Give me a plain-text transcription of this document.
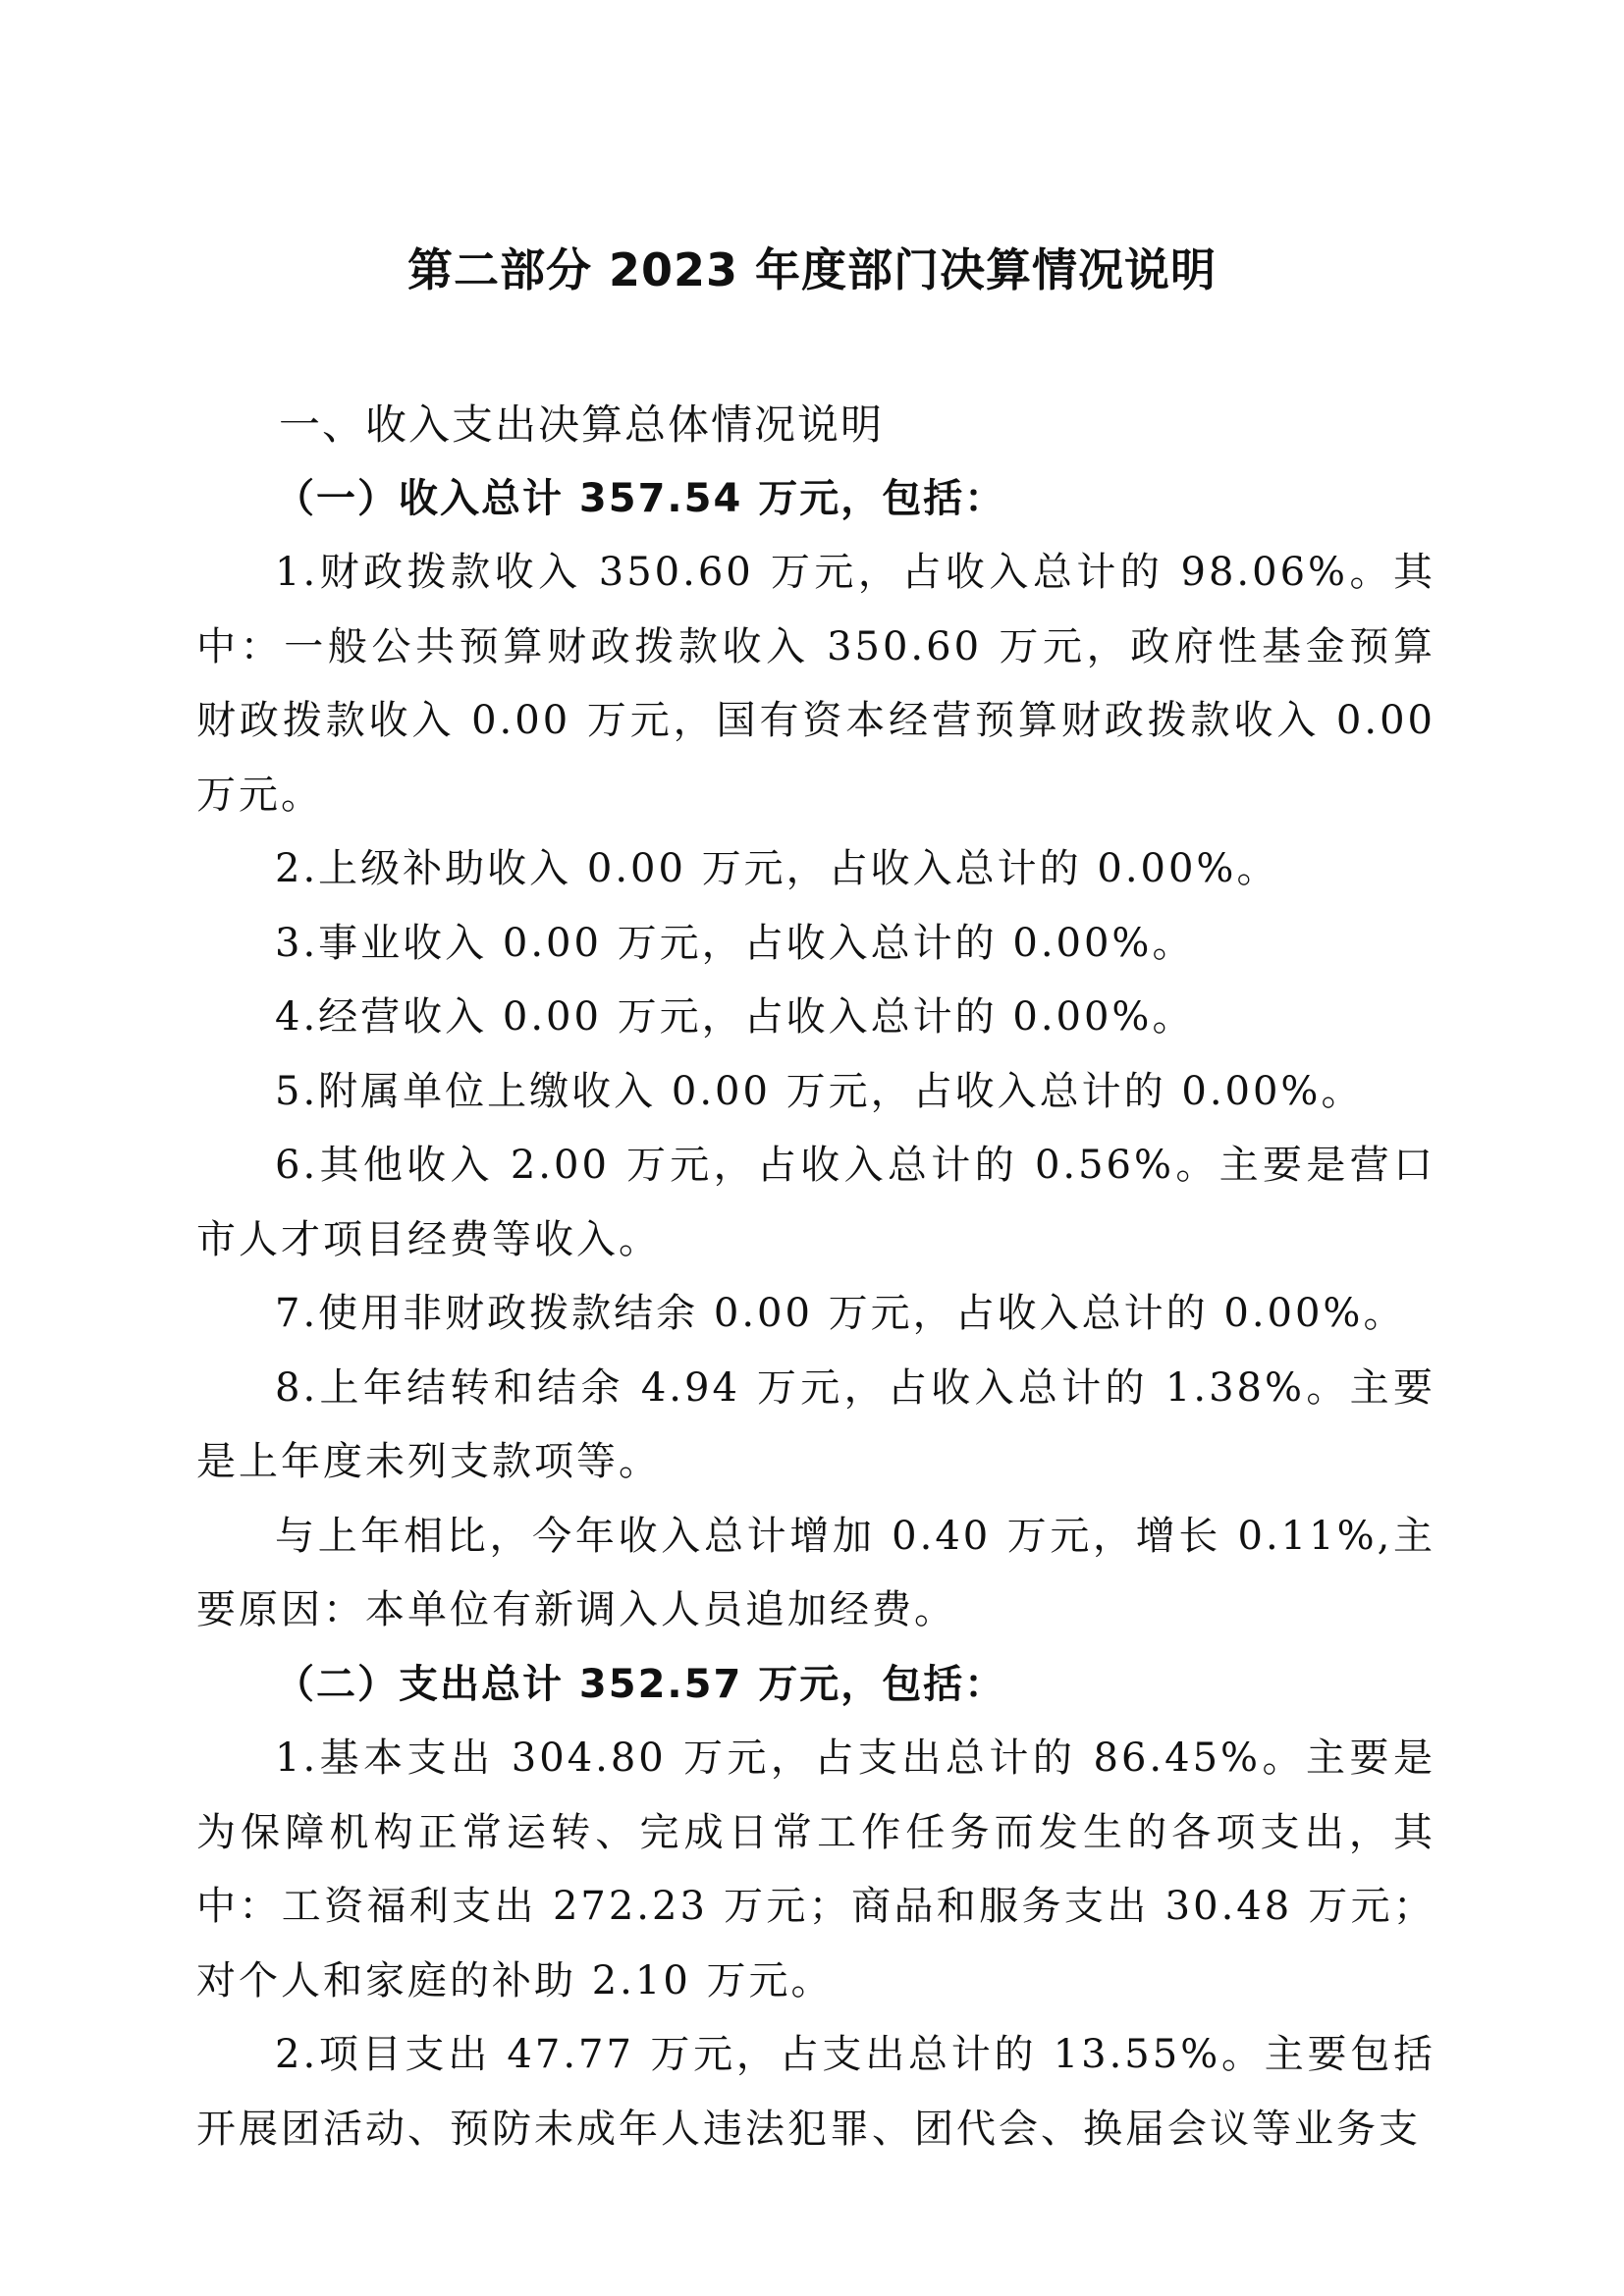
第二部分 2023 年度部门决算情况说明

一、收入支出决算总体情况说明

（一）收入总计 357.54 万元，包括：

1.财政拨款收入 350.60 万元，占收入总计的 98.06%。其中：一般公共预算财政拨款收入 350.60 万元，政府性基金预算财政拨款收入 0.00 万元，国有资本经营预算财政拨款收入 0.00 万元。

2.上级补助收入 0.00 万元，占收入总计的 0.00%。

3.事业收入 0.00 万元，占收入总计的 0.00%。

4.经营收入 0.00 万元，占收入总计的 0.00%。

5.附属单位上缴收入 0.00 万元，占收入总计的 0.00%。

6.其他收入 2.00 万元，占收入总计的 0.56%。主要是营口市人才项目经费等收入。

7.使用非财政拨款结余 0.00 万元，占收入总计的 0.00%。

8.上年结转和结余 4.94 万元，占收入总计的 1.38%。主要是上年度未列支款项等。

与上年相比，今年收入总计增加 0.40 万元，增长 0.11%,主要原因：本单位有新调入人员追加经费。

（二）支出总计 352.57 万元，包括：

1.基本支出 304.80 万元，占支出总计的 86.45%。主要是为保障机构正常运转、完成日常工作任务而发生的各项支出，其中：工资福利支出 272.23 万元；商品和服务支出 30.48 万元；对个人和家庭的补助 2.10 万元。

2.项目支出 47.77 万元，占支出总计的 13.55%。主要包括开展团活动、预防未成年人违法犯罪、团代会、换届会议等业务支
